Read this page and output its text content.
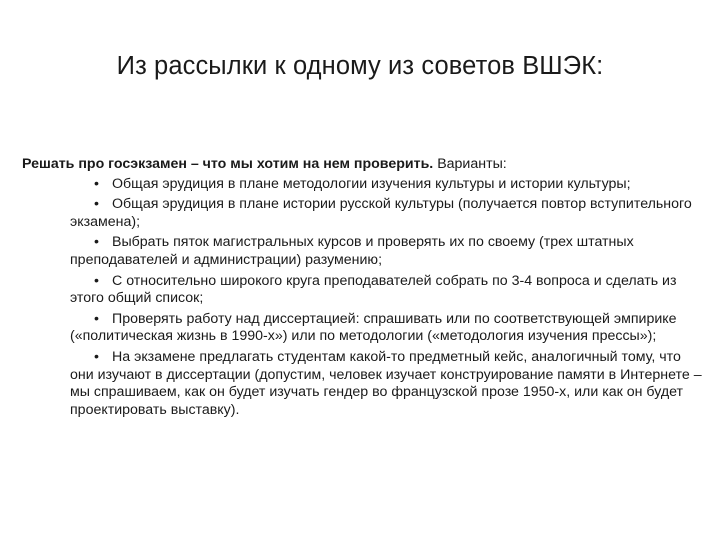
Из рассылки к одному из советов ВШЭК:

Решать про госэкзамен – что мы хотим на нем проверить. Варианты:

• Общая эрудиция в плане методологии изучения культуры и истории культуры;
• Общая эрудиция в плане истории русской культуры (получается повтор вступительного экзамена);
• Выбрать пяток магистральных курсов и проверять их по своему (трех штатных преподавателей и администрации) разумению;
• С относительно широкого круга преподавателей собрать по 3-4 вопроса и сделать из этого общий список;
• Проверять работу над диссертацией: спрашивать или по соответствующей эмпирике («политическая жизнь в 1990-х») или по методологии («методология изучения прессы»);
• На экзамене предлагать студентам какой-то предметный кейс, аналогичный тому, что они изучают в диссертации (допустим, человек изучает конструирование памяти в Интернете – мы спрашиваем, как он будет изучать гендер во французской прозе 1950-х, или как он будет проектировать выставку).
